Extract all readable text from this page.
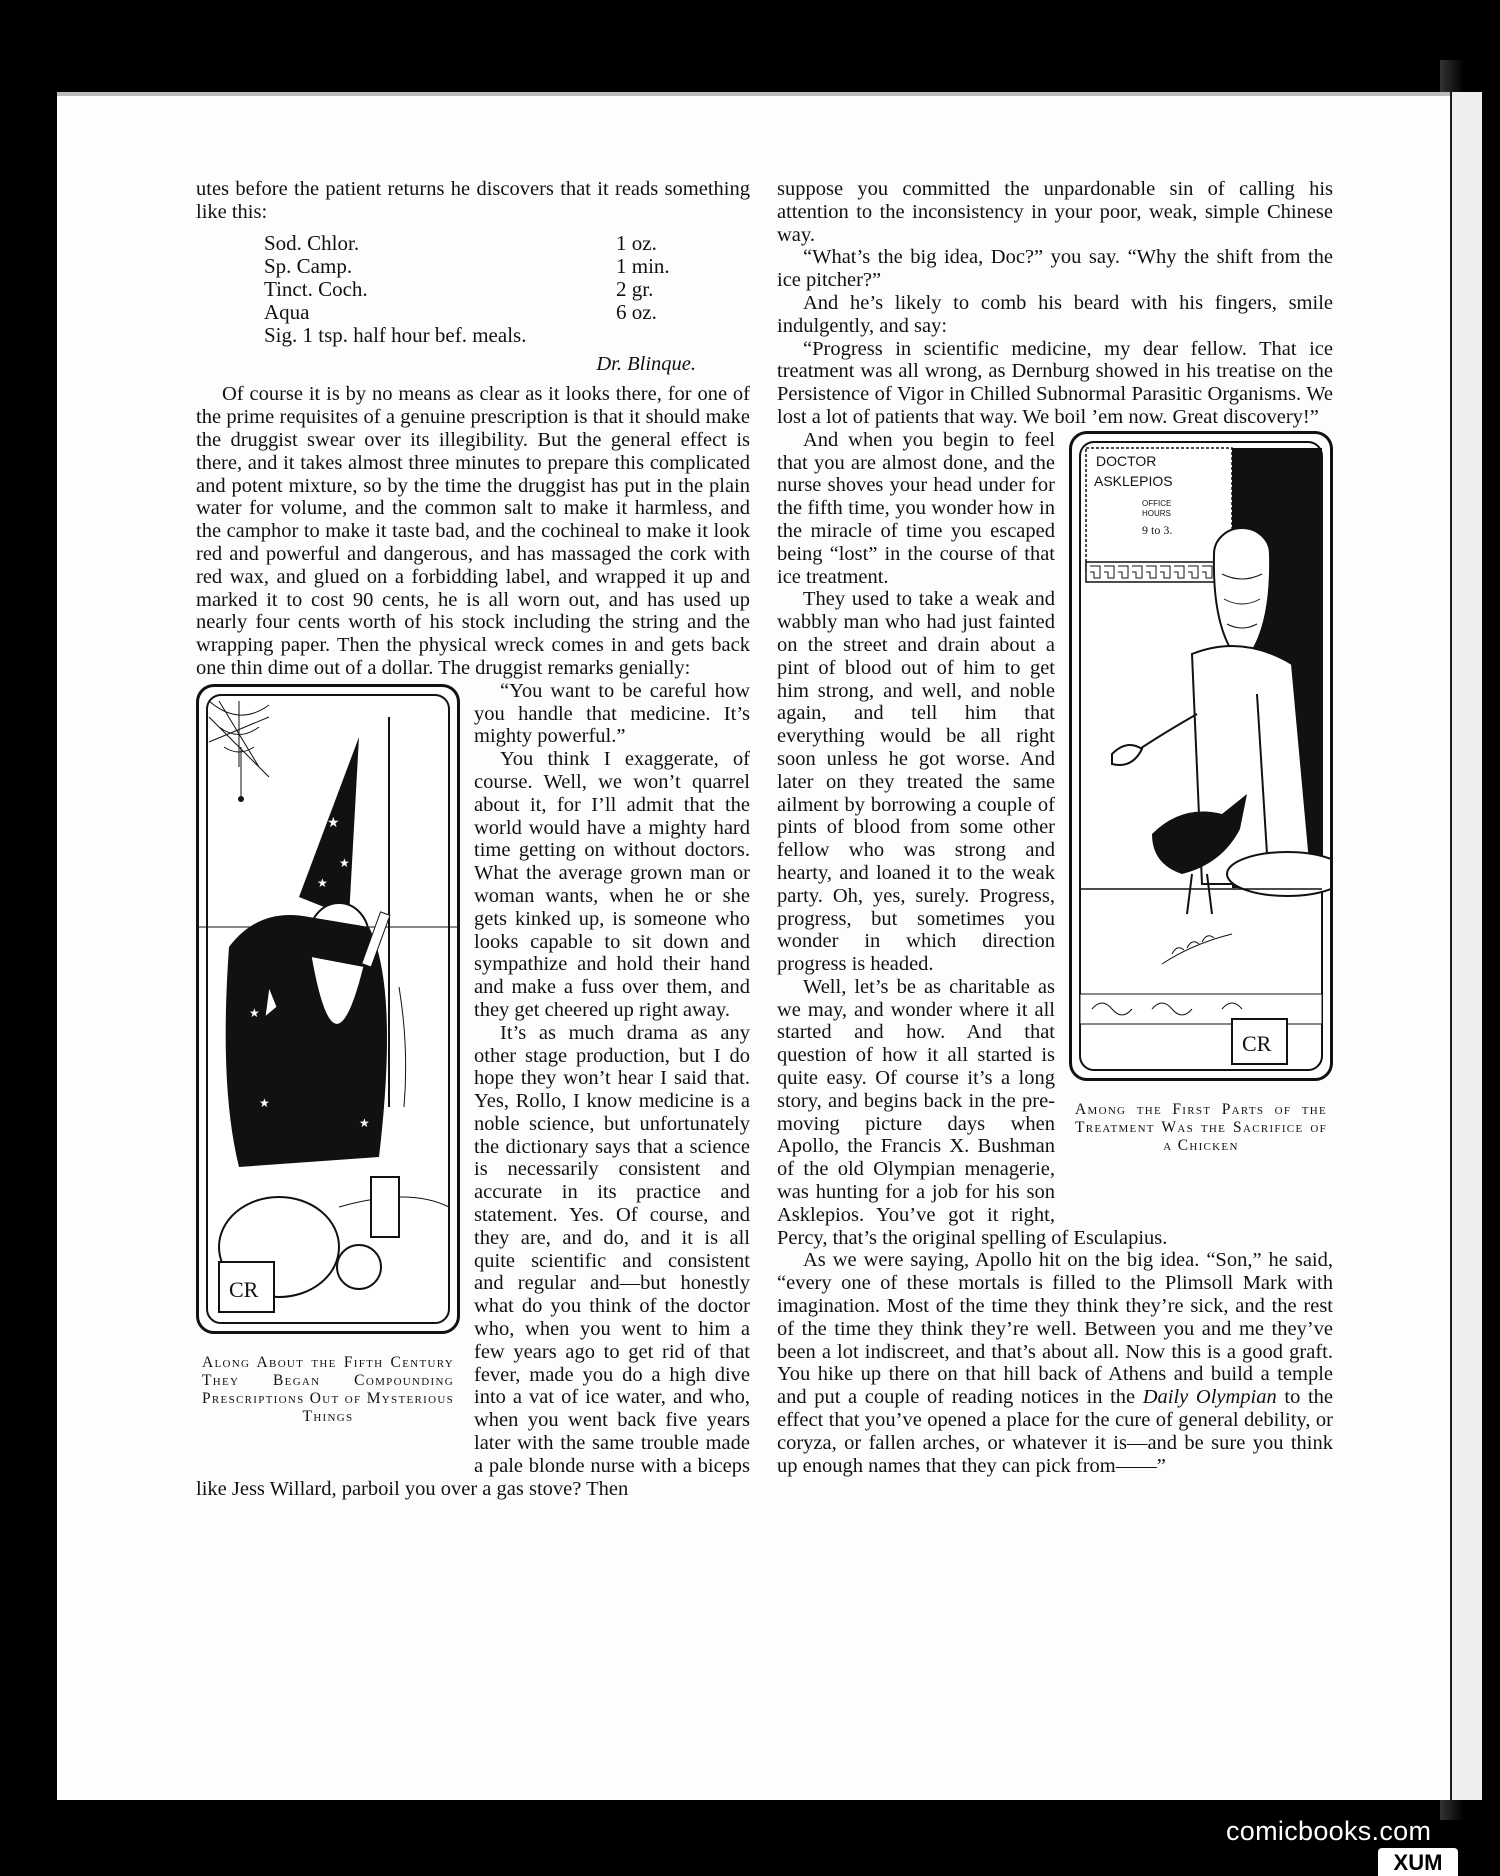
utes before the patient returns he discovers that it reads something like this:

Sod. Chlor.	1 oz.
Sp. Camp.	1 min.
Tinct. Coch.	2 gr.
Aqua	6 oz.
Sig. 1 tsp. half hour bef. meals.
Dr. Blinque.

Of course it is by no means as clear as it looks there, for one of the prime requisites of a genuine prescription is that it should make the druggist swear over its illegibility. But the general effect is there, and it takes almost three minutes to prepare this complicated and potent mixture, so by the time the druggist has put in the plain water for volume, and the common salt to make it harmless, and the camphor to make it taste bad, and the cochineal to make it look red and powerful and dangerous, and has massaged the cork with red wax, and glued on a forbidding label, and wrapped it up and marked it to cost 90 cents, he is all worn out, and has used up nearly four cents worth of his stock including the string and the wrapping paper. Then the physical wreck comes in and gets back one thin dime out of a dollar. The druggist remarks genially:

★
★
★
★
★
★
CR
Along About the Fifth Century They Began Compounding Prescriptions Out of Mysterious Things

“You want to be careful how you handle that medicine. It’s mighty powerful.”

You think I exaggerate, of course. Well, we won’t quarrel about it, for I’ll admit that the world would have a mighty hard time getting on without doctors. What the average grown man or woman wants, when he or she gets kinked up, is someone who looks capable to sit down and sympathize and hold their hand and make a fuss over them, and they get cheered up right away.

It’s as much drama as any other stage production, but I do hope they won’t hear I said that. Yes, Rollo, I know medicine is a noble science, but unfortunately the dictionary says that a science is necessarily consistent and accurate in its practice and statement. Yes. Of course, and they are, and do, and it is all quite scientific and consistent and regular and—but honestly what do you think of the doctor who, when you went to him a few years ago to get rid of that fever, made you do a high dive into a vat of ice water, and who, when you went back five years later with the same trouble made a pale blonde nurse with a biceps like Jess Willard, parboil you over a gas stove? Then

suppose you committed the unpardonable sin of calling his attention to the inconsistency in your poor, weak, simple Chinese way.

“What’s the big idea, Doc?” you say. “Why the shift from the ice pitcher?”

And he’s likely to comb his beard with his fingers, smile indulgently, and say:

“Progress in scientific medicine, my dear fellow. That ice treatment was all wrong, as Dernburg showed in his treatise on the Persistence of Vigor in Chilled Subnormal Parasitic Organisms. We lost a lot of patients that way. We boil ’em now. Great discovery!”

DOCTOR
ASKLEPIOS
OFFICE
HOURS
9 to 3.
CR
Among the First Parts of the Treatment Was the Sacrifice of a Chicken

And when you begin to feel that you are almost done, and the nurse shoves your head under for the fifth time, you wonder how in the miracle of time you escaped being “lost” in the course of that ice treatment.

They used to take a weak and wabbly man who had just fainted on the street and drain about a pint of blood out of him to get him strong, and well, and noble again, and tell him that everything would be all right soon unless he got worse. And later on they treated the same ailment by borrowing a couple of pints of blood from some other fellow who was strong and hearty, and loaned it to the weak party. Oh, yes, surely. Progress, progress, but sometimes you wonder in which direction progress is headed.

Well, let’s be as charitable as we may, and wonder where it all started and how. And that question of how it all started is quite easy. Of course it’s a long story, and begins back in the pre-moving picture days when Apollo, the Francis X. Bushman of the old Olympian menagerie, was hunting for a job for his son Asklepios. You’ve got it right, Percy, that’s the original spelling of Esculapius.

As we were saying, Apollo hit on the big idea. “Son,” he said, “every one of these mortals is filled to the Plimsoll Mark with imagination. Most of the time they think they’re sick, and the rest of the time they think they’re well. Between you and me they’ve been a lot indiscreet, and that’s about all. Now this is a good graft. You hike up there on that hill back of Athens and build a temple and put a couple of reading notices in the Daily Olympian to the effect that you’ve opened a place for the cure of general debility, or coryza, or fallen arches, or whatever it is—and be sure you think up enough names that they can pick from——”

comicbooks.com
XUM
